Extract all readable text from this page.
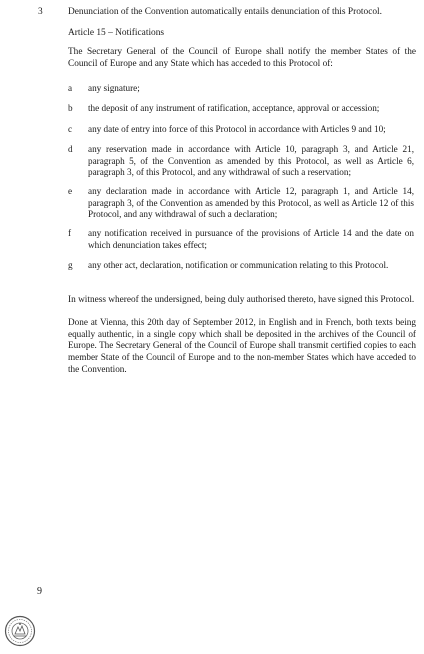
3	Denunciation of the Convention automatically entails denunciation of this Protocol.
Article 15 – Notifications
The Secretary General of the Council of Europe shall notify the member States of the Council of Europe and any State which has acceded to this Protocol of:
a	any signature;
b	the deposit of any instrument of ratification, acceptance, approval or accession;
c	any date of entry into force of this Protocol in accordance with Articles 9 and 10;
d	any reservation made in accordance with Article 10, paragraph 3, and Article 21, paragraph 5, of the Convention as amended by this Protocol, as well as Article 6, paragraph 3, of this Protocol, and any withdrawal of such a reservation;
e	any declaration made in accordance with Article 12, paragraph 1, and Article 14, paragraph 3, of the Convention as amended by this Protocol, as well as Article 12 of this Protocol, and any withdrawal of such a declaration;
f	any notification received in pursuance of the provisions of Article 14 and the date on which denunciation takes effect;
g	any other act, declaration, notification or communication relating to this Protocol.
In witness whereof the undersigned, being duly authorised thereto, have signed this Protocol.
Done at Vienna, this 20th day of September 2012, in English and in French, both texts being equally authentic, in a single copy which shall be deposited in the archives of the Council of Europe. The Secretary General of the Council of Europe shall transmit certified copies to each member State of the Council of Europe and to the non-member States which have acceded to the Convention.
9
